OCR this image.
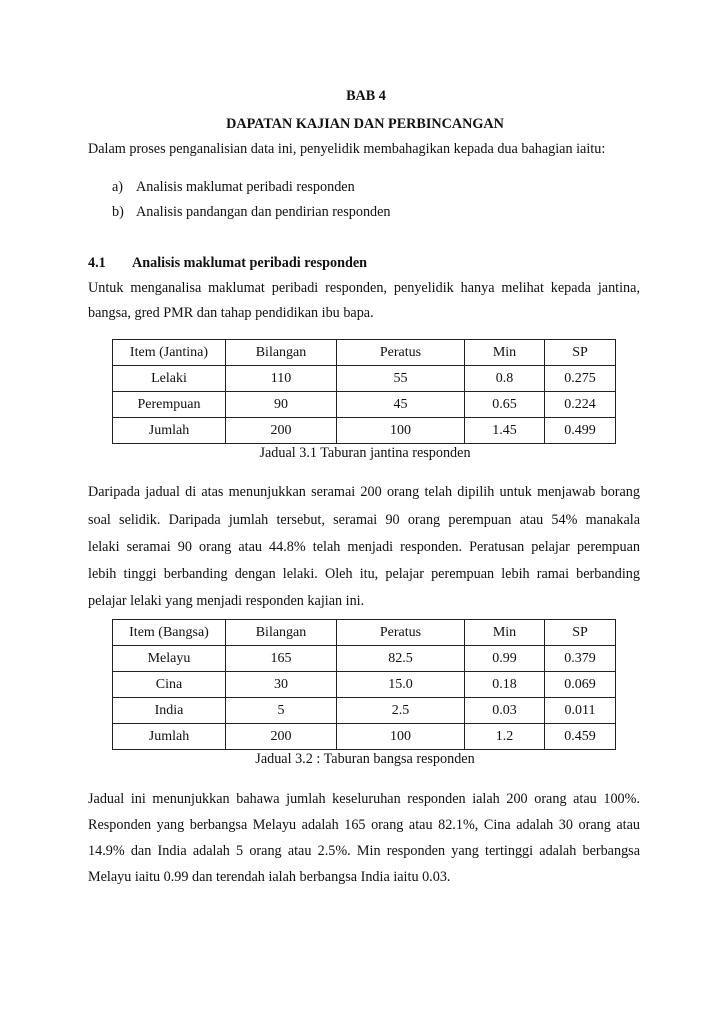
BAB 4
DAPATAN KAJIAN DAN PERBINCANGAN
Dalam proses penganalisian data ini, penyelidik membahagikan kepada dua bahagian iaitu:
a) Analisis maklumat peribadi responden
b) Analisis pandangan dan pendirian responden
4.1 Analisis maklumat peribadi responden
Untuk menganalisa maklumat peribadi responden, penyelidik hanya melihat kepada jantina,
bangsa, gred PMR dan tahap pendidikan ibu bapa.
Item (Jantina)	Bilangan	Peratus	Min	SP
Lelaki	110	55	0.8	0.275
Perempuan	90	45	0.65	0.224
Jumlah	200	100	1.45	0.499
Jadual 3.1 Taburan jantina responden
Daripada jadual di atas menunjukkan seramai 200 orang telah dipilih untuk menjawab borang
soal selidik. Daripada jumlah tersebut, seramai 90 orang perempuan atau 54% manakala
lelaki seramai 90 orang atau 44.8% telah menjadi responden. Peratusan pelajar perempuan
lebih tinggi berbanding dengan lelaki. Oleh itu, pelajar perempuan lebih ramai berbanding
pelajar lelaki yang menjadi responden kajian ini.
Item (Bangsa)	Bilangan	Peratus	Min	SP
Melayu	165	82.5	0.99	0.379
Cina	30	15.0	0.18	0.069
India	5	2.5	0.03	0.011
Jumlah	200	100	1.2	0.459
Jadual 3.2 : Taburan bangsa responden
Jadual ini menunjukkan bahawa jumlah keseluruhan responden ialah 200 orang atau 100%.
Responden yang berbangsa Melayu adalah 165 orang atau 82.1%, Cina adalah 30 orang atau
14.9% dan India adalah 5 orang atau 2.5%. Min responden yang tertinggi adalah berbangsa
Melayu iaitu 0.99 dan terendah ialah berbangsa India iaitu 0.03.
